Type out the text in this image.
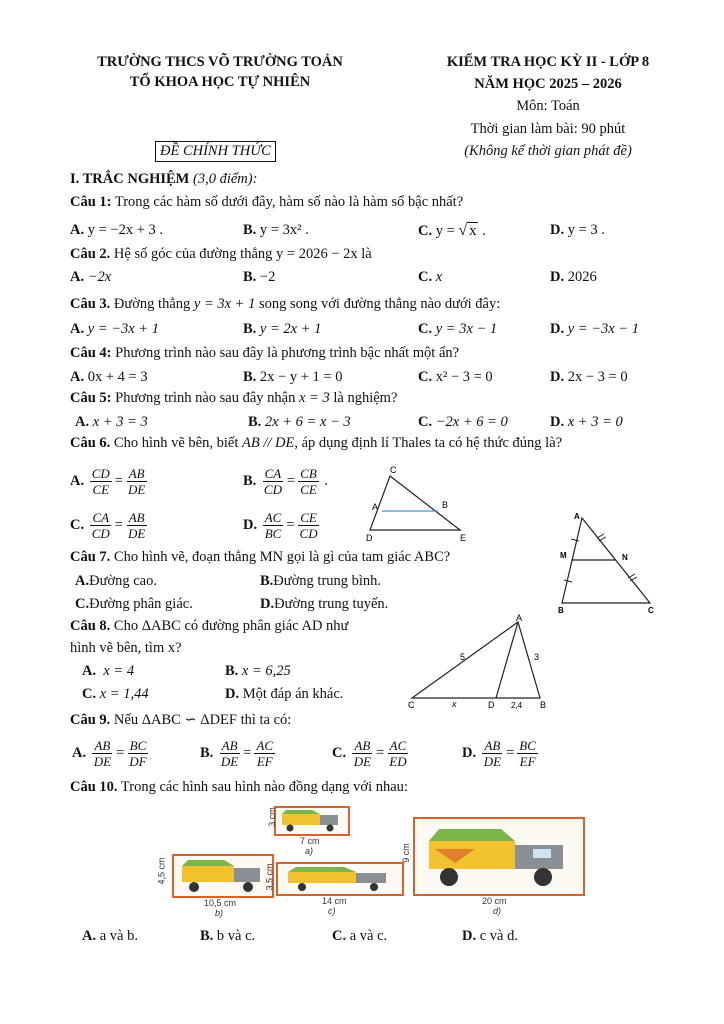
TRƯỜNG THCS VÕ TRƯỜNG TOẢN
TỔ KHOA HỌC TỰ NHIÊN
KIỂM TRA HỌC KỲ II - LỚP 8
NĂM HỌC 2025 – 2026
Môn: Toán
Thời gian làm bài: 90 phút
(Không kể thời gian phát đề)
ĐỀ CHÍNH THỨC
I. TRẮC NGHIỆM (3,0 điểm):
Câu 1: Trong các hàm số dưới đây, hàm số nào là hàm số bậc nhất?
A. y = −2x + 3 .	B. y = 3x² .	C. y = √ x .	D. y = 3 .
Câu 2. Hệ số góc của đường thẳng y = 2026 − 2x là
A. −2x	B. −2	C. x	D. 2026
Câu 3. Đường thẳng y = 3x + 1 song song với đường thẳng nào dưới đây:
A. y = −3x + 1	B. y = 2x + 1	C. y = 3x − 1	D. y = −3x − 1
Câu 4: Phương trình nào sau đây là phương trình bậc nhất một ẩn?
A. 0x + 4 = 3	B. 2x − y + 1 = 0	C. x² − 3 = 0	D. 2x − 3 = 0
Câu 5: Phương trình nào sau đây nhận x = 3 là nghiệm?
A. x + 3 = 3	B. 2x + 6 = x − 3	C. −2x + 6 = 0	D. x + 3 = 0
Câu 6. Cho hình vẽ bên, biết AB // DE, áp dụng định lí Thales ta có hệ thức đúng là?
A. $\frac{CD}{CE} = \frac{AB}{DE}$	B. $\frac{CA}{CD} = \frac{CB}{CE}$ .
C. $\frac{CA}{CD} = \frac{AB}{DE}$	D. $\frac{AC}{BC} = \frac{CE}{CD}$
C
A	B
D	E
Câu 7. Cho hình vẽ, đoạn thẳng MN gọi là gì của tam giác ABC?
A.Đường cao.	B.Đường trung bình.
C.Đường phân giác.	D.Đường trung tuyến.
A
M	N
B	C
Câu 8. Cho ΔABC có đường phân giác AD như
hình vẽ bên, tìm x?
A. x = 4	B. x = 6,25
C. x = 1,44	D. Một đáp án khác.
A
C	D	B
x
5	3
2,4
Câu 9. Nếu ΔABC ∽ ΔDEF thì ta có:
A. $\frac{AB}{DE} = \frac{BC}{DF}$	B. $\frac{AB}{DE} = \frac{AC}{EF}$	C. $\frac{AB}{DE} = \frac{AC}{ED}$	D. $\frac{AB}{DE} = \frac{BC}{EF}$
Câu 10. Trong các hình sau hình nào đồng dạng với nhau:
3 cm
7 cm
a)
4,5 cm
10,5 cm
b)
3,5 cm
14 cm
c)
9 cm
20 cm
d)
A. a và b.	B. b và c.	C. a và c.	D. c và d.
